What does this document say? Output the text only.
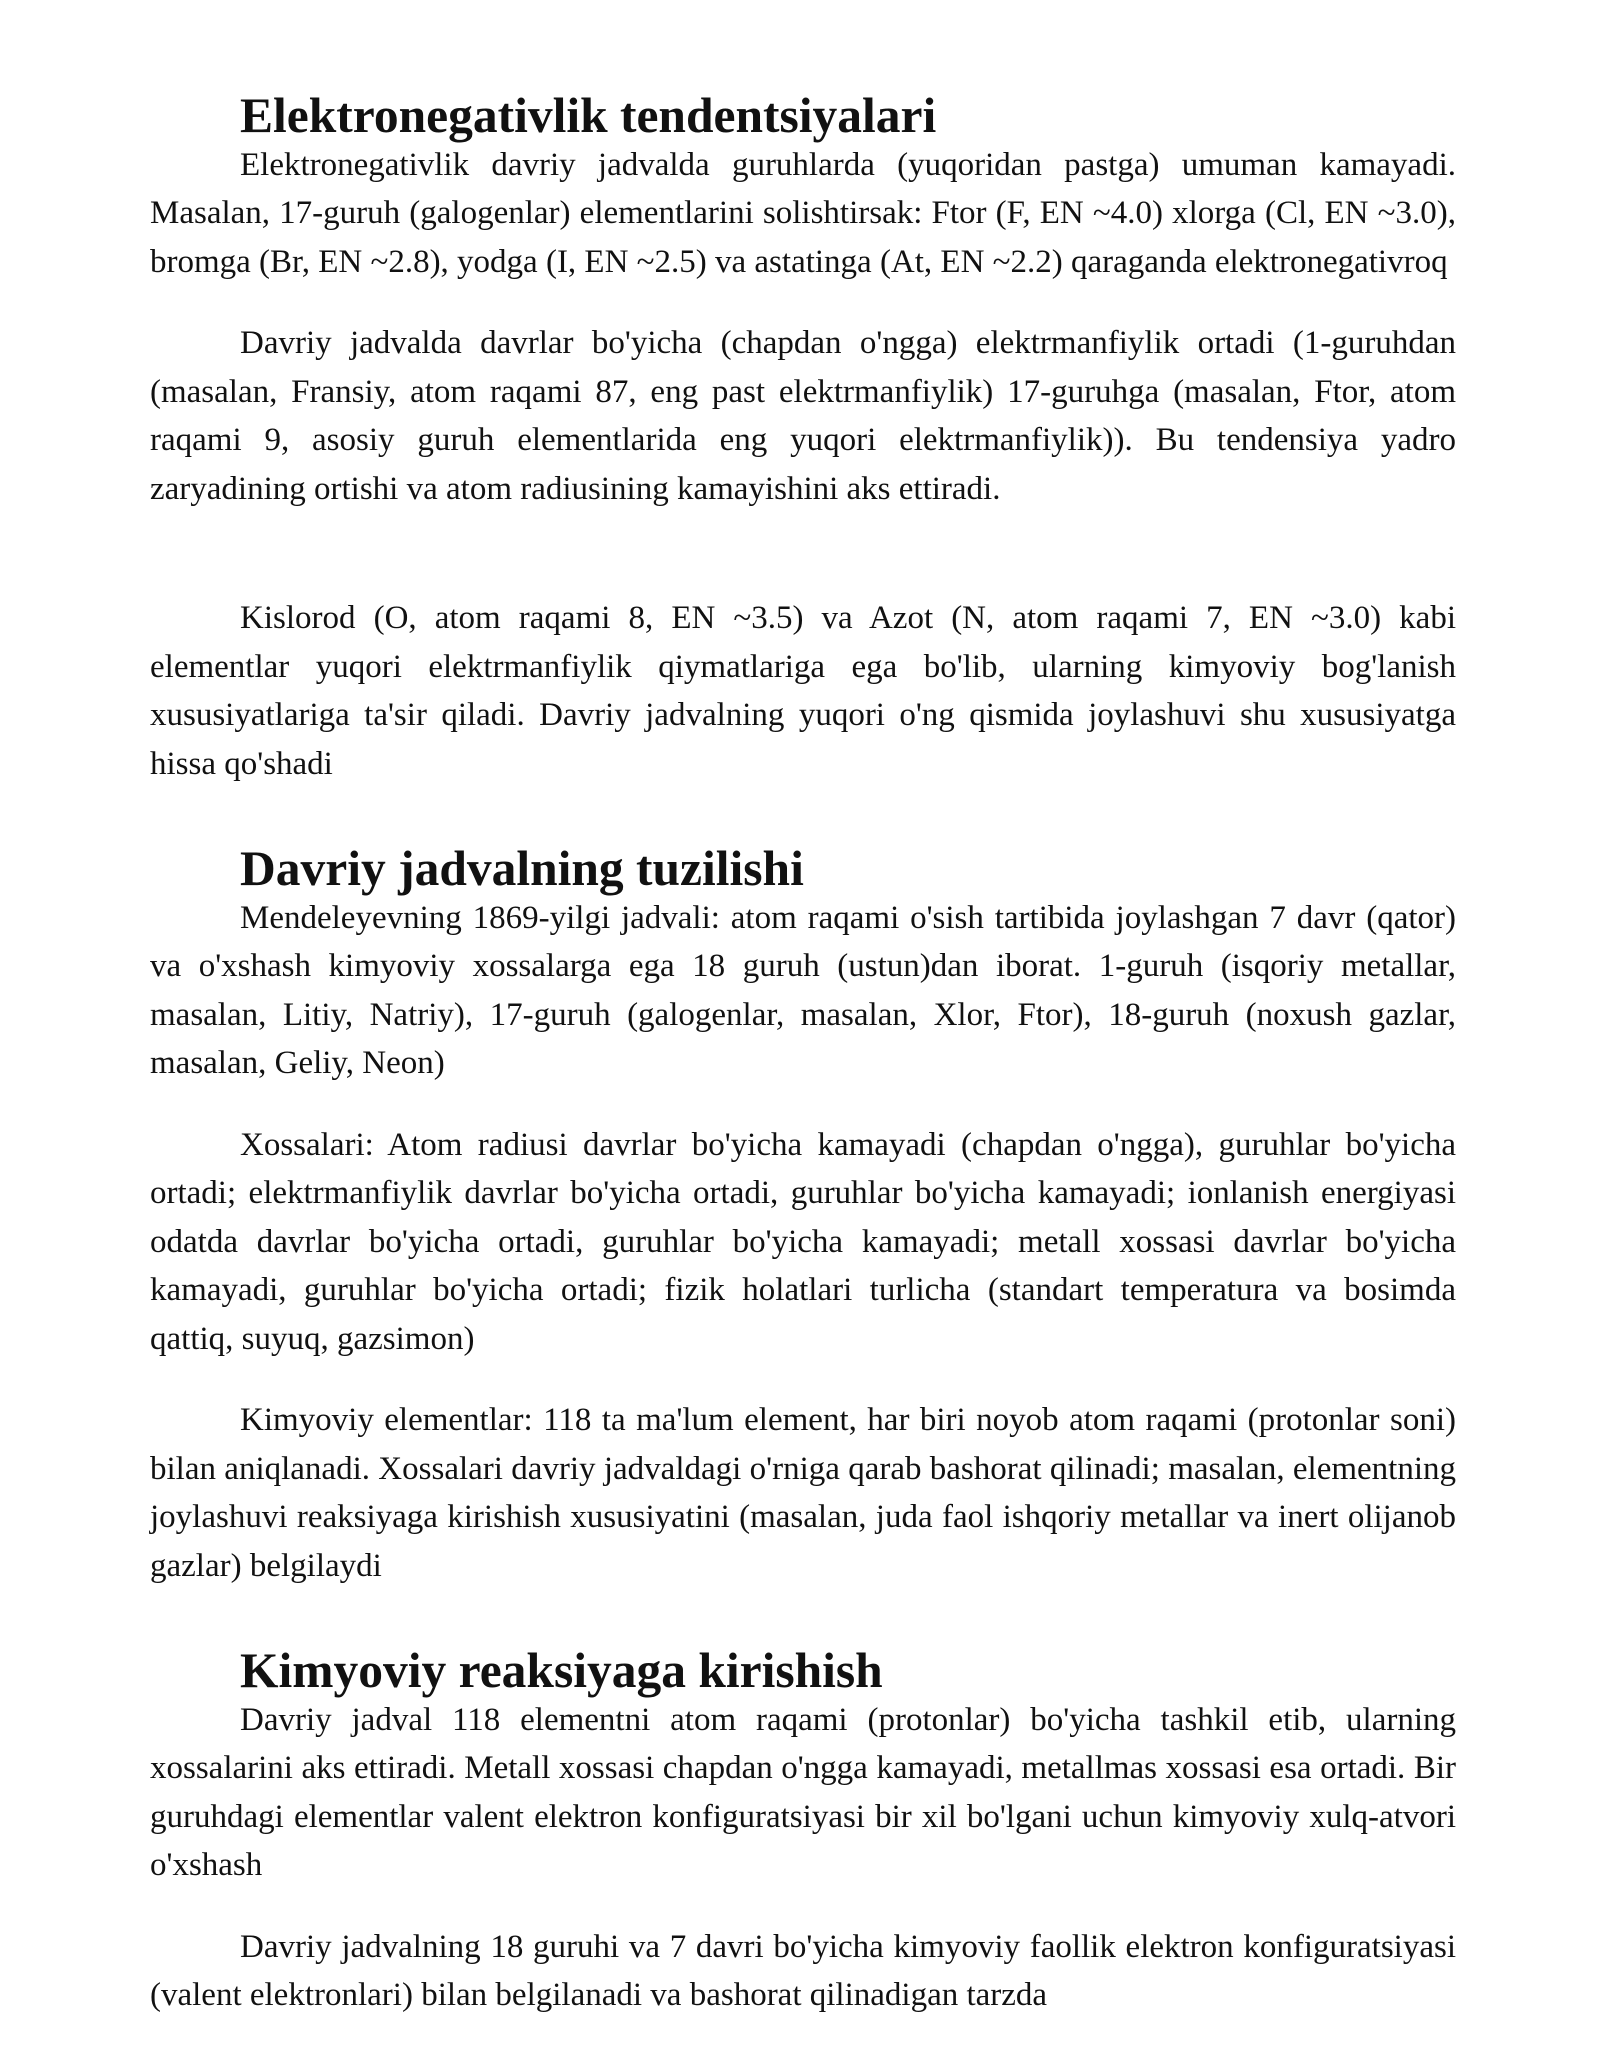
Elektronegativlik tendentsiyalari

Elektronegativlik davriy jadvalda guruhlarda (yuqoridan pastga) umuman kamayadi. Masalan, 17-guruh (galogenlar) elementlarini solishtirsak: Ftor (F, EN ~4.0) xlorga (Cl, EN ~3.0), bromga (Br, EN ~2.8), yodga (I, EN ~2.5) va astatinga (At, EN ~2.2) qaraganda elektronegativroq

Davriy jadvalda davrlar bo'yicha (chapdan o'ngga) elektrmanfiylik ortadi (1-guruhdan (masalan, Fransiy, atom raqami 87, eng past elektrmanfiylik) 17-guruhga (masalan, Ftor, atom raqami 9, asosiy guruh elementlarida eng yuqori elektrmanfiylik)). Bu tendensiya yadro zaryadining ortishi va atom radiusining kamayishini aks ettiradi.

Kislorod (O, atom raqami 8, EN ~3.5) va Azot (N, atom raqami 7, EN ~3.0) kabi elementlar yuqori elektrmanfiylik qiymatlariga ega bo'lib, ularning kimyoviy bog'lanish xususiyatlariga ta'sir qiladi. Davriy jadvalning yuqori o'ng qismida joylashuvi shu xususiyatga hissa qo'shadi

Davriy jadvalning tuzilishi

Mendeleyevning 1869-yilgi jadvali: atom raqami o'sish tartibida joylashgan 7 davr (qator) va o'xshash kimyoviy xossalarga ega 18 guruh (ustun)dan iborat. 1-guruh (isqoriy metallar, masalan, Litiy, Natriy), 17-guruh (galogenlar, masalan, Xlor, Ftor), 18-guruh (noxush gazlar, masalan, Geliy, Neon)

Xossalari: Atom radiusi davrlar bo'yicha kamayadi (chapdan o'ngga), guruhlar bo'yicha ortadi; elektrmanfiylik davrlar bo'yicha ortadi, guruhlar bo'yicha kamayadi; ionlanish energiyasi odatda davrlar bo'yicha ortadi, guruhlar bo'yicha kamayadi; metall xossasi davrlar bo'yicha kamayadi, guruhlar bo'yicha ortadi; fizik holatlari turlicha (standart temperatura va bosimda qattiq, suyuq, gazsimon)

Kimyoviy elementlar: 118 ta ma'lum element, har biri noyob atom raqami (protonlar soni) bilan aniqlanadi. Xossalari davriy jadvaldagi o'rniga qarab bashorat qilinadi; masalan, elementning joylashuvi reaksiyaga kirishish xususiyatini (masalan, juda faol ishqoriy metallar va inert olijanob gazlar) belgilaydi

Kimyoviy reaksiyaga kirishish

Davriy jadval 118 elementni atom raqami (protonlar) bo'yicha tashkil etib, ularning xossalarini aks ettiradi. Metall xossasi chapdan o'ngga kamayadi, metallmas xossasi esa ortadi. Bir guruhdagi elementlar valent elektron konfiguratsiyasi bir xil bo'lgani uchun kimyoviy xulq-atvori o'xshash

Davriy jadvalning 18 guruhi va 7 davri bo'yicha kimyoviy faollik elektron konfiguratsiyasi (valent elektronlari) bilan belgilanadi va bashorat qilinadigan tarzda
